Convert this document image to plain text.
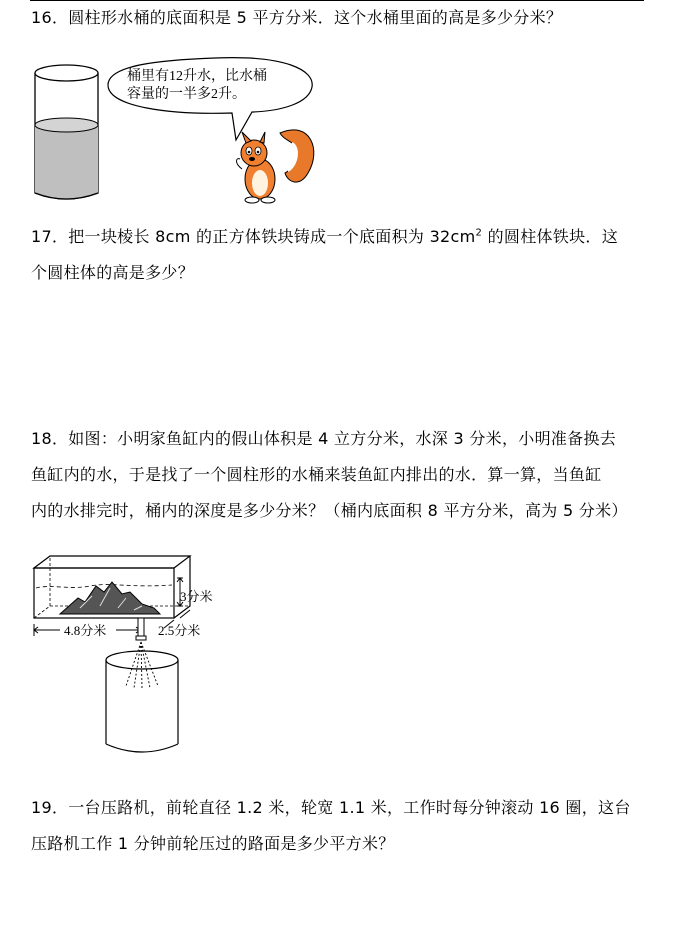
16．圆柱形水桶的底面积是 5 平方分米．这个水桶里面的高是多少分米？

桶里有12升水，比水桶
容量的一半多2升。

17．把一块棱长 8cm 的正方体铁块铸成一个底面积为 $32cm^2$ 的圆柱体铁块．这

个圆柱体的高是多少？

18．如图：小明家鱼缸内的假山体积是 4 立方分米，水深 3 分米，小明准备换去

鱼缸内的水，于是找了一个圆柱形的水桶来装鱼缸内排出的水．算一算，当鱼缸

内的水排完时，桶内的深度是多少分米？（桶内底面积 8 平方分米，高为 5 分米）

3分米
4.8分米	2.5分米

19．一台压路机，前轮直径 1.2 米，轮宽 1.1 米，工作时每分钟滚动 16 圈，这台

压路机工作 1 分钟前轮压过的路面是多少平方米？
